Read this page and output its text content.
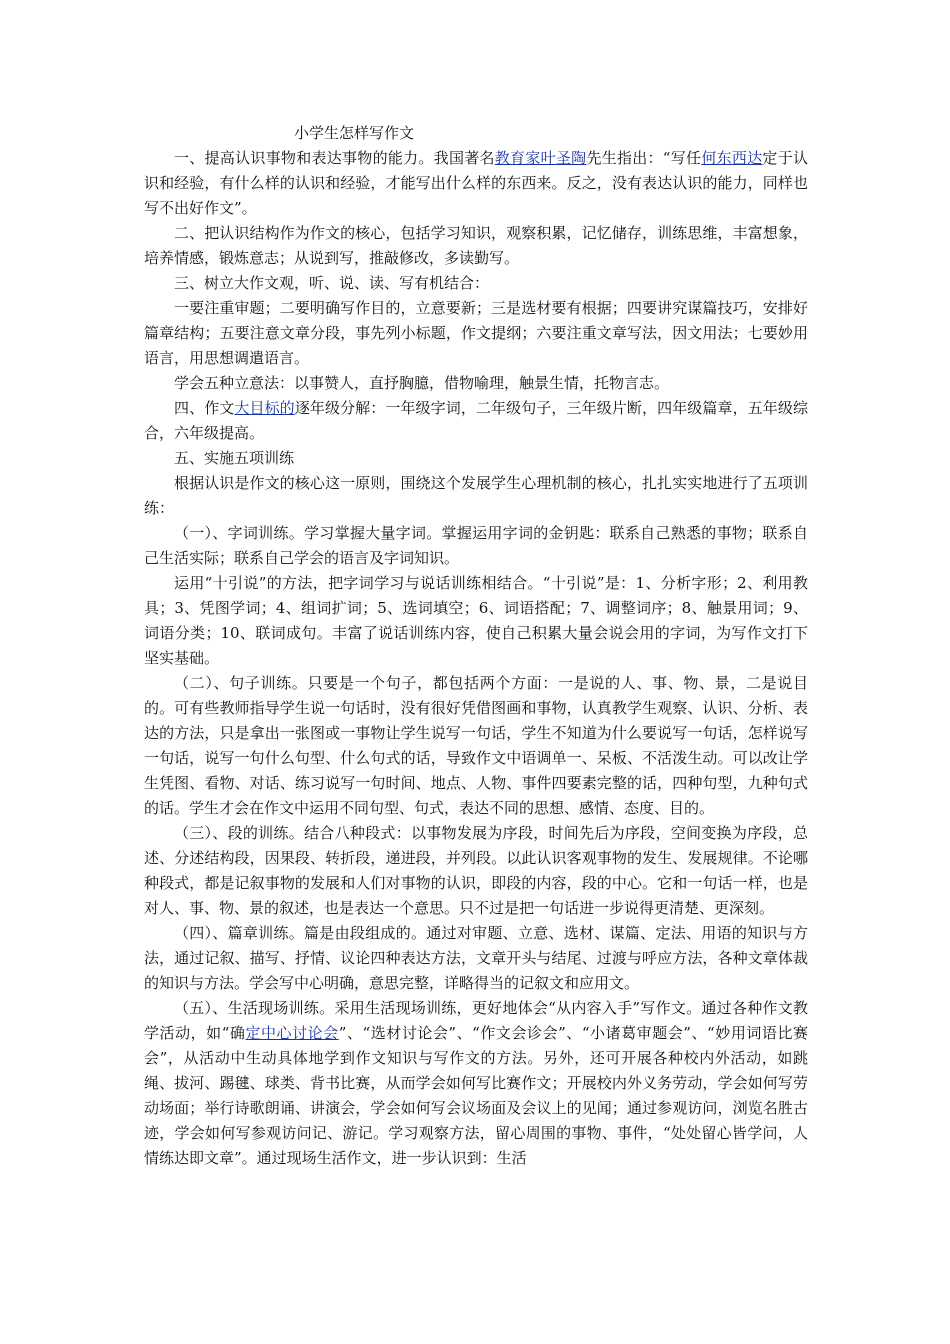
小学生怎样写作文

一、提高认识事物和表达事物的能力。我国著名教育家叶圣陶先生指出：“写任何东西达定于认识和经验，有什么样的认识和经验，才能写出什么样的东西来。反之，没有表达认识的能力，同样也写不出好作文”。

二、把认识结构作为作文的核心，包括学习知识，观察积累，记忆储存，训练思维，丰富想象，培养情感，锻炼意志；从说到写，推敲修改，多读勤写。

三、树立大作文观，听、说、读、写有机结合：

一要注重审题；二要明确写作目的，立意要新；三是选材要有根据；四要讲究谋篇技巧，安排好篇章结构；五要注意文章分段，事先列小标题，作文提纲；六要注重文章写法，因文用法；七要妙用语言，用思想调遣语言。

学会五种立意法：以事赞人，直抒胸臆，借物喻理，触景生情，托物言志。

四、作文大目标的逐年级分解：一年级字词，二年级句子，三年级片断，四年级篇章，五年级综合，六年级提高。

五、实施五项训练

根据认识是作文的核心这一原则，围绕这个发展学生心理机制的核心，扎扎实实地进行了五项训练：

（一）、字词训练。学习掌握大量字词。掌握运用字词的金钥匙：联系自己熟悉的事物；联系自己生活实际；联系自己学会的语言及字词知识。

运用“十引说”的方法，把字词学习与说话训练相结合。“十引说”是：1、分析字形；2、利用教具；3、凭图学词；4、组词扩词；5、选词填空；6、词语搭配；7、调整词序；8、触景用词；9、词语分类；10、联词成句。丰富了说话训练内容，使自己积累大量会说会用的字词，为写作文打下坚实基础。

（二）、句子训练。只要是一个句子，都包括两个方面：一是说的人、事、物、景，二是说目的。可有些教师指导学生说一句话时，没有很好凭借图画和事物，认真教学生观察、认识、分析、表达的方法，只是拿出一张图或一事物让学生说写一句话，学生不知道为什么要说写一句话，怎样说写一句话，说写一句什么句型、什么句式的话，导致作文中语调单一、呆板、不活泼生动。可以改让学生凭图、看物、对话、练习说写一句时间、地点、人物、事件四要素完整的话，四种句型，九种句式的话。学生才会在作文中运用不同句型、句式，表达不同的思想、感情、态度、目的。

（三）、段的训练。结合八种段式：以事物发展为序段，时间先后为序段，空间变换为序段，总述、分述结构段，因果段、转折段，递进段，并列段。以此认识客观事物的发生、发展规律。不论哪种段式，都是记叙事物的发展和人们对事物的认识，即段的内容，段的中心。它和一句话一样，也是对人、事、物、景的叙述，也是表达一个意思。只不过是把一句话进一步说得更清楚、更深刻。

（四）、篇章训练。篇是由段组成的。通过对审题、立意、选材、谋篇、定法、用语的知识与方法，通过记叙、描写、抒情、议论四种表达方法，文章开头与结尾、过渡与呼应方法，各种文章体裁的知识与方法。学会写中心明确，意思完整，详略得当的记叙文和应用文。

（五）、生活现场训练。采用生活现场训练，更好地体会“从内容入手”写作文。通过各种作文教学活动，如“确定中心讨论会”、“选材讨论会”、“作文会诊会”、“小诸葛审题会”、“妙用词语比赛会”，从活动中生动具体地学到作文知识与写作文的方法。另外，还可开展各种校内外活动，如跳绳、拔河、踢毽、球类、背书比赛，从而学会如何写比赛作文；开展校内外义务劳动，学会如何写劳动场面；举行诗歌朗诵、讲演会，学会如何写会议场面及会议上的见闻；通过参观访问，浏览名胜古迹，学会如何写参观访问记、游记。学习观察方法，留心周围的事物、事件，“处处留心皆学问，人情练达即文章”。通过现场生活作文，进一步认识到：生活
